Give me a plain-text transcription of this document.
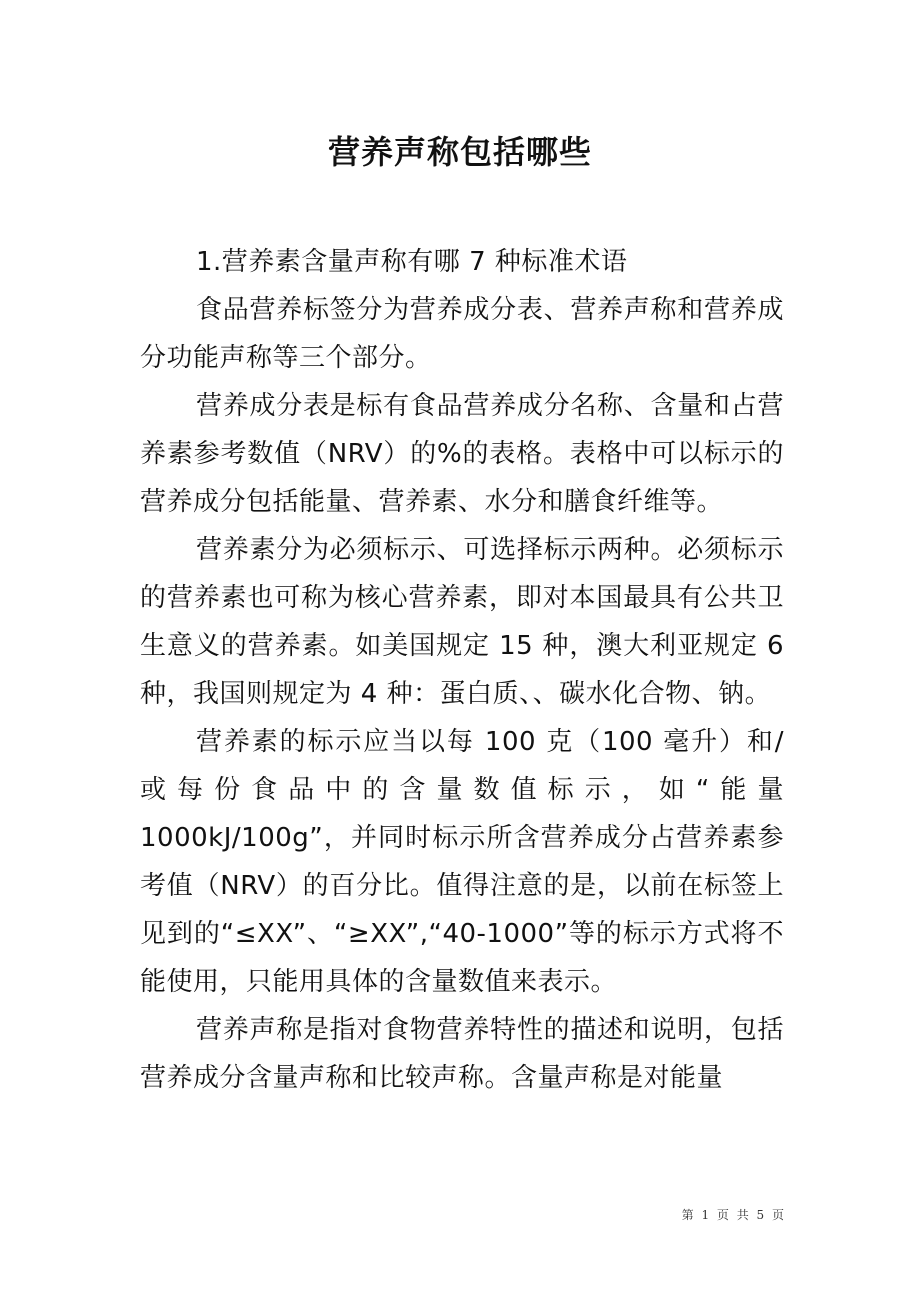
营养声称包括哪些

1.营养素含量声称有哪 7 种标准术语

食品营养标签分为营养成分表、营养声称和营养成分功能声称等三个部分。

营养成分表是标有食品营养成分名称、含量和占营养素参考数值（NRV）的%的表格。表格中可以标示的营养成分包括能量、营养素、水分和膳食纤维等。

营养素分为必须标示、可选择标示两种。必须标示的营养素也可称为核心营养素，即对本国最具有公共卫生意义的营养素。如美国规定 15 种，澳大利亚规定 6 种，我国则规定为 4 种：蛋白质、、碳水化合物、钠。

营养素的标示应当以每 100 克（100 毫升）和/或每份食品中的含量数值标示，如“能量 1000kJ/100g”，并同时标示所含营养成分占营养素参考值（NRV）的百分比。值得注意的是，以前在标签上见到的“≤XX”、“≥XX”,“40-1000”等的标示方式将不能使用，只能用具体的含量数值来表示。

营养声称是指对食物营养特性的描述和说明，包括营养成分含量声称和比较声称。含量声称是对能量

第 1 页 共 5 页
